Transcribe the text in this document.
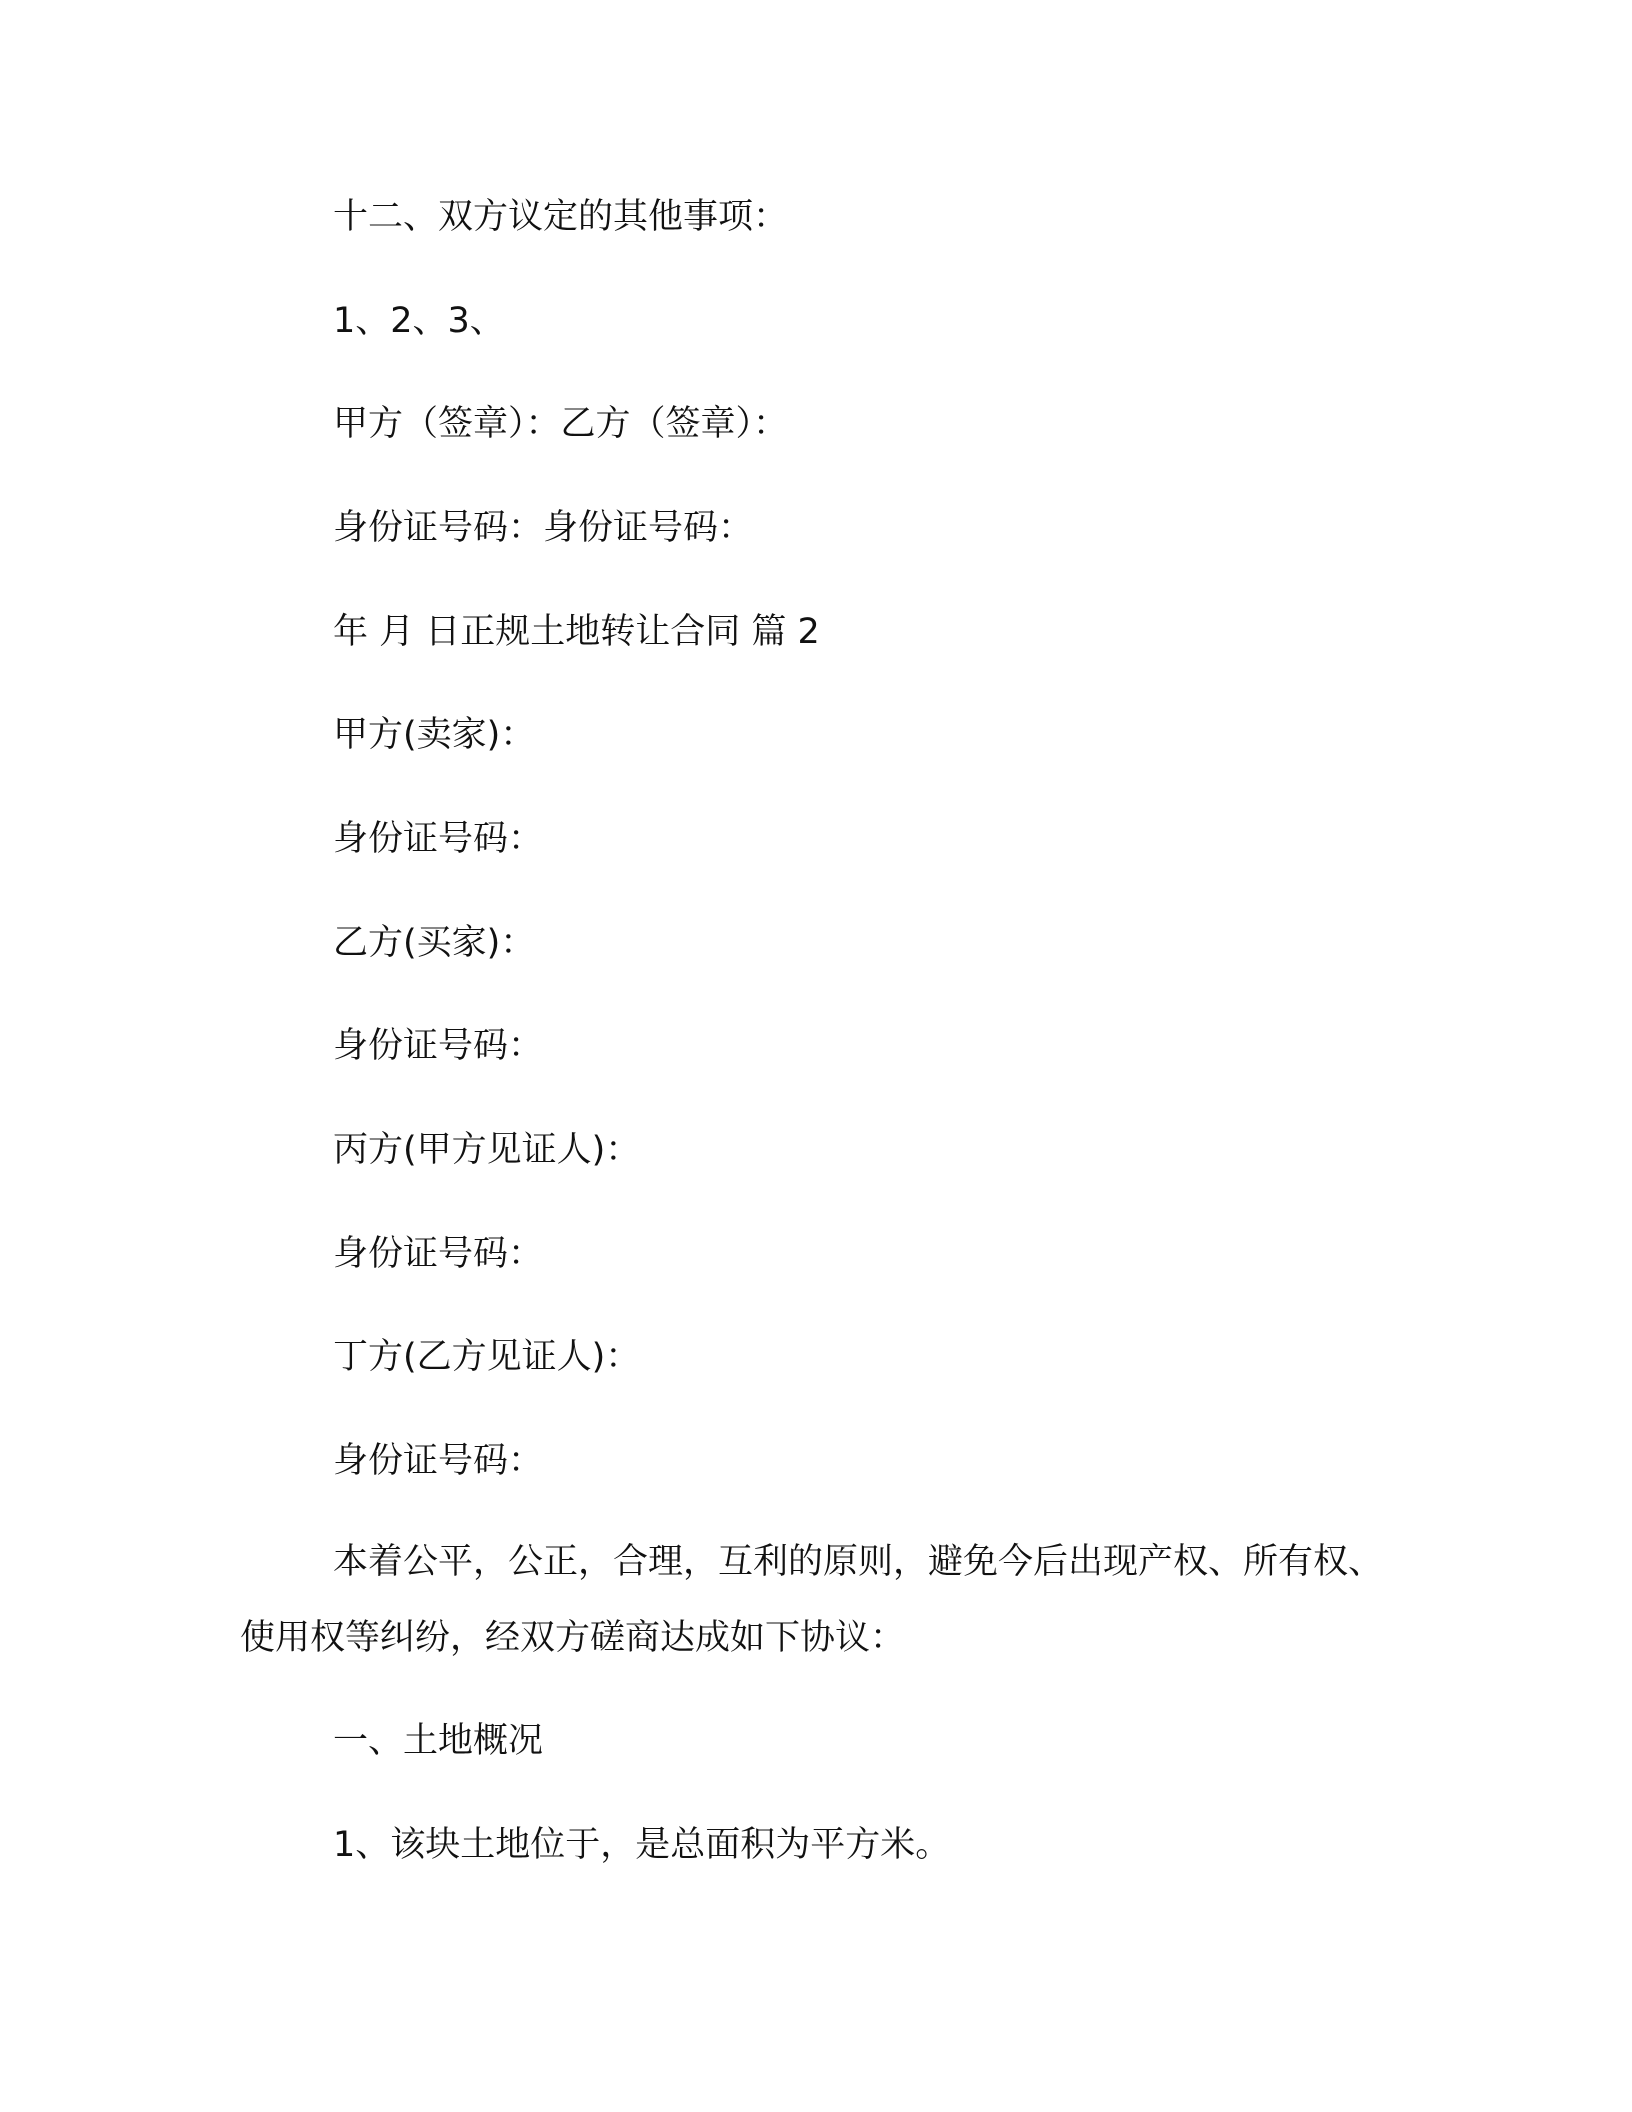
十二、双方议定的其他事项：

1、2、3、

甲方（签章）：乙方（签章）：

身份证号码：身份证号码：

年 月 日正规土地转让合同 篇 2

甲方(卖家)：

身份证号码：

乙方(买家)：

身份证号码：

丙方(甲方见证人)：

身份证号码：

丁方(乙方见证人)：

身份证号码：

本着公平，公正，合理，互利的原则，避免今后出现产权、所有权、使用权等纠纷，经双方磋商达成如下协议：

一、土地概况

1、该块土地位于，是总面积为平方米。
